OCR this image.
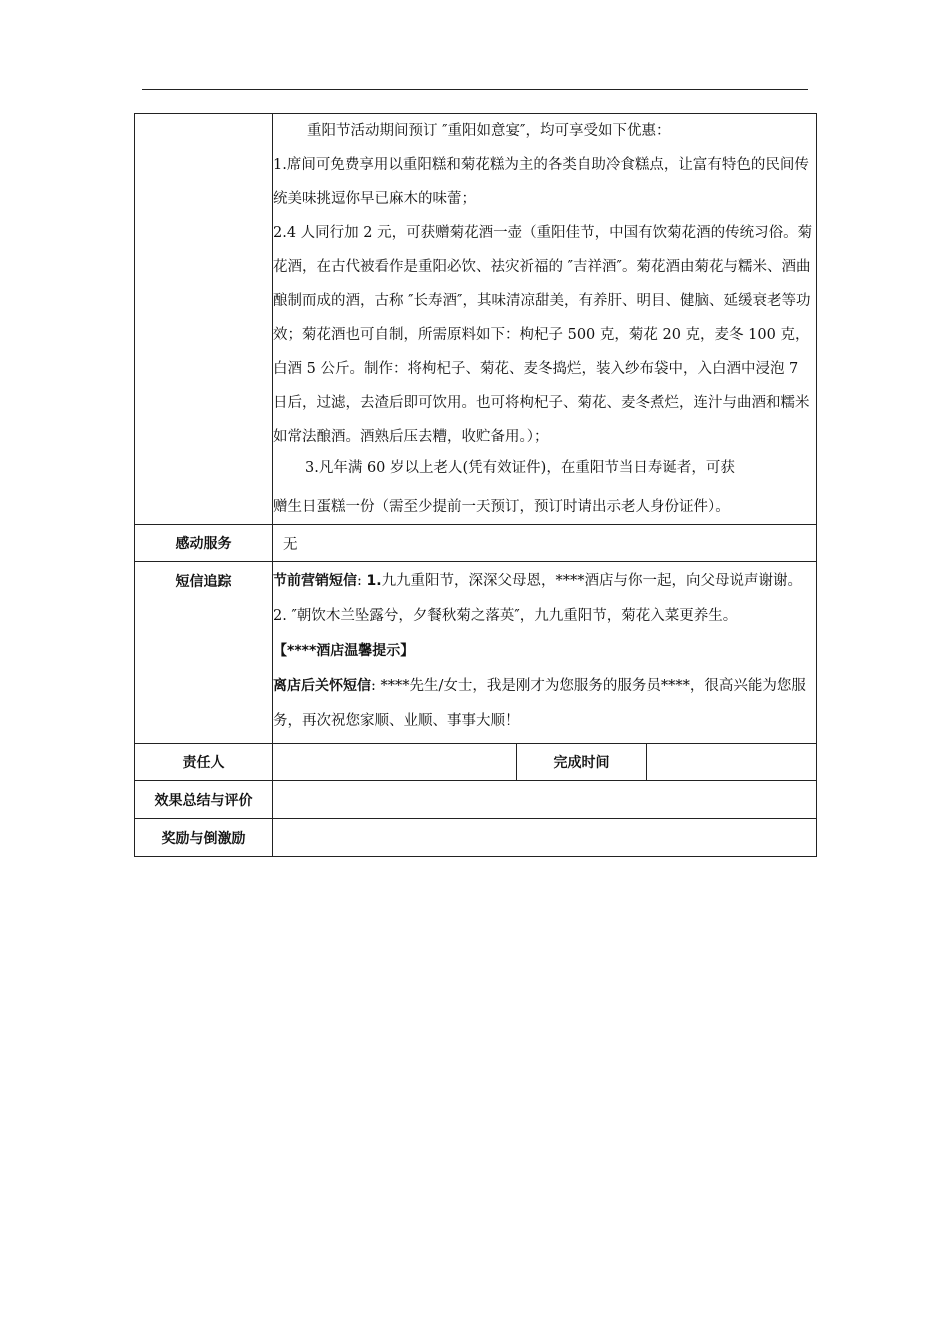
	重阳节活动期间预订 ″重阳如意宴″，均可享受如下优惠：

1.席间可免费享用以重阳糕和菊花糕为主的各类自助冷食糕点，让富有特色的民间传统美味挑逗你早已麻木的味蕾；

2.4 人同行加 2 元，可获赠菊花酒一壶（重阳佳节，中国有饮菊花酒的传统习俗。菊花酒，在古代被看作是重阳必饮、祛灾祈福的 ″吉祥酒″。菊花酒由菊花与糯米、酒曲酿制而成的酒，古称 ″长寿酒″，其味清凉甜美，有养肝、明目、健脑、延缓衰老等功效；菊花酒也可自制，所需原料如下：枸杞子 500 克，菊花 20 克，麦冬 100 克，白酒 5 公斤。制作：将枸杞子、菊花、麦冬捣烂，装入纱布袋中，入白酒中浸泡 7 日后，过滤，去渣后即可饮用。也可将枸杞子、菊花、麦冬煮烂，连汁与曲酒和糯米如常法酿酒。酒熟后压去糟，收贮备用。）；

3.凡年满 60 岁以上老人(凭有效证件)，在重阳节当日寿诞者，可获

赠生日蛋糕一份（需至少提前一天预订，预订时请出示老人身份证件）。		

感动服务	无		
短信追踪	节前营销短信: 1.九九重阳节，深深父母恩，****酒店与你一起，向父母说声谢谢。

2. ″朝饮木兰坠露兮，夕餐秋菊之落英″，九九重阳节，菊花入菜更养生。

【****酒店温馨提示】

离店后关怀短信: ****先生/女士，我是刚才为您服务的服务员****，很高兴能为您服务，再次祝您家顺、业顺、事事大顺！		

责任人		完成时间	
效果总结与评价			
奖励与倒激励			
